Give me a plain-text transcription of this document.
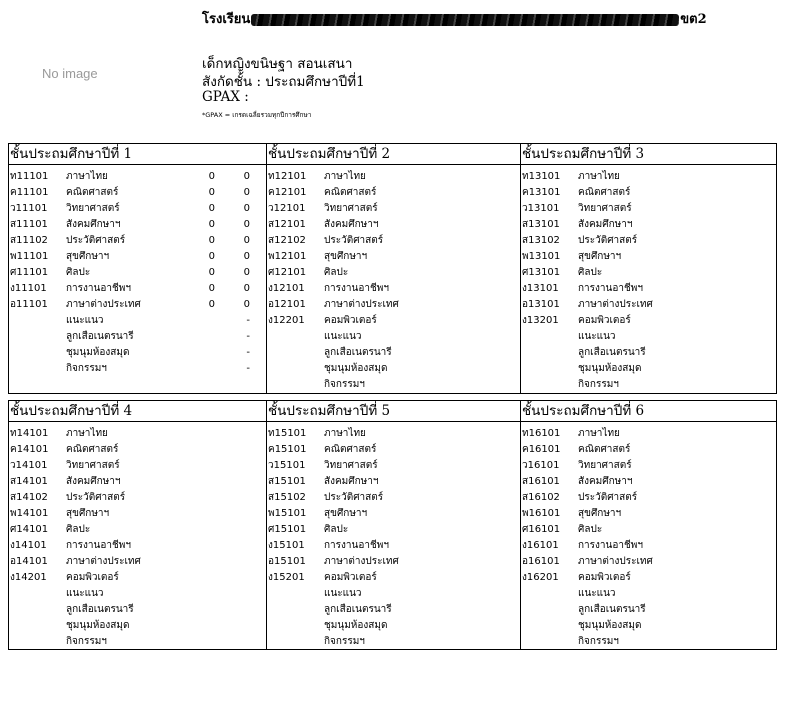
No image
โรงเรียน	ขต2
เด็กหญิงขนิษฐา สอนเสนา
สังกัดชั้น : ประถมศึกษาปีที่1
GPAX :
*GPAX = เกรดเฉลี่ยรวมทุกปีการศึกษา
ชั้นประถมศึกษาปีที่ 1
ท11101 ภาษาไทย	0	0
ค11101 คณิตศาสตร์	0	0
ว11101 วิทยาศาสตร์	0	0
ส11101 สังคมศึกษาฯ	0	0
ส11102 ประวัติศาสตร์	0	0
พ11101 สุขศึกษาฯ	0	0
ศ11101 ศิลปะ	0	0
ง11101 การงานอาชีพฯ	0	0
อ11101 ภาษาต่างประเทศ	0	0
แนะแนว	-
ลูกเสือเนตรนารี	-
ชุมนุมห้องสมุด	-
กิจกรรมฯ	-
ชั้นประถมศึกษาปีที่ 2
ท12101 ภาษาไทย
ค12101 คณิตศาสตร์
ว12101 วิทยาศาสตร์
ส12101 สังคมศึกษาฯ
ส12102 ประวัติศาสตร์
พ12101 สุขศึกษาฯ
ศ12101 ศิลปะ
ง12101 การงานอาชีพฯ
อ12101 ภาษาต่างประเทศ
ง12201 คอมพิวเตอร์
แนะแนว
ลูกเสือเนตรนารี
ชุมนุมห้องสมุด
กิจกรรมฯ
ชั้นประถมศึกษาปีที่ 3
ท13101 ภาษาไทย
ค13101 คณิตศาสตร์
ว13101 วิทยาศาสตร์
ส13101 สังคมศึกษาฯ
ส13102 ประวัติศาสตร์
พ13101 สุขศึกษาฯ
ศ13101 ศิลปะ
ง13101 การงานอาชีพฯ
อ13101 ภาษาต่างประเทศ
ง13201 คอมพิวเตอร์
แนะแนว
ลูกเสือเนตรนารี
ชุมนุมห้องสมุด
กิจกรรมฯ
ชั้นประถมศึกษาปีที่ 4
ท14101 ภาษาไทย
ค14101 คณิตศาสตร์
ว14101 วิทยาศาสตร์
ส14101 สังคมศึกษาฯ
ส14102 ประวัติศาสตร์
พ14101 สุขศึกษาฯ
ศ14101 ศิลปะ
ง14101 การงานอาชีพฯ
อ14101 ภาษาต่างประเทศ
ง14201 คอมพิวเตอร์
แนะแนว
ลูกเสือเนตรนารี
ชุมนุมห้องสมุด
กิจกรรมฯ
ชั้นประถมศึกษาปีที่ 5
ท15101 ภาษาไทย
ค15101 คณิตศาสตร์
ว15101 วิทยาศาสตร์
ส15101 สังคมศึกษาฯ
ส15102 ประวัติศาสตร์
พ15101 สุขศึกษาฯ
ศ15101 ศิลปะ
ง15101 การงานอาชีพฯ
อ15101 ภาษาต่างประเทศ
ง15201 คอมพิวเตอร์
แนะแนว
ลูกเสือเนตรนารี
ชุมนุมห้องสมุด
กิจกรรมฯ
ชั้นประถมศึกษาปีที่ 6
ท16101 ภาษาไทย
ค16101 คณิตศาสตร์
ว16101 วิทยาศาสตร์
ส16101 สังคมศึกษาฯ
ส16102 ประวัติศาสตร์
พ16101 สุขศึกษาฯ
ศ16101 ศิลปะ
ง16101 การงานอาชีพฯ
อ16101 ภาษาต่างประเทศ
ง16201 คอมพิวเตอร์
แนะแนว
ลูกเสือเนตรนารี
ชุมนุมห้องสมุด
กิจกรรมฯ
